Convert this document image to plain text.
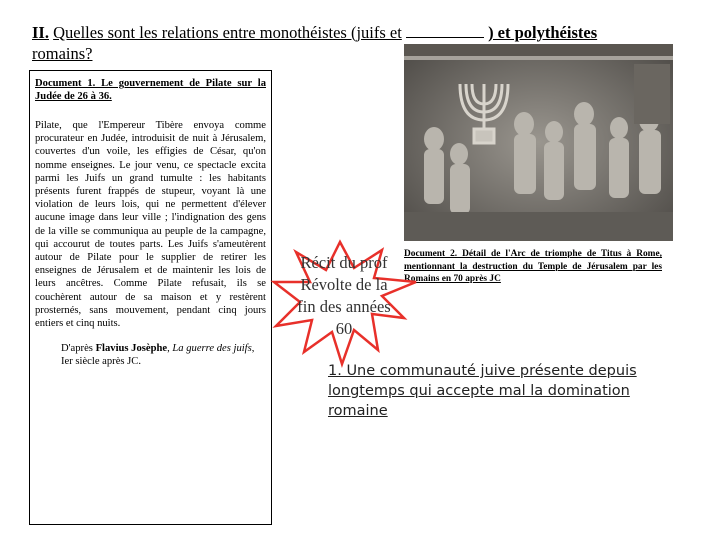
II. Quelles sont les relations entre monothéistes (juifs et	) et polythéistes
romains?
Document 1. Le gouvernement de Pilate sur la Judée de 26 à 36.
Pilate, que l'Empereur Tibère envoya comme procurateur en Judée, introduisit de nuit à Jérusalem, couvertes d'un voile, les effigies de César, qu'on nomme enseignes. Le jour venu, ce spectacle excita parmi les Juifs un grand tumulte : les habitants présents furent frappés de stupeur, voyant là une violation de leurs lois, qui ne permettent d'élever aucune image dans leur ville ; l'indignation des gens de la ville se communiqua au peuple de la campagne, qui accourut de toutes parts. Les Juifs s'ameutèrent autour de Pilate pour le supplier de retirer les enseignes de Jérusalem et de maintenir les lois de leurs ancêtres. Comme Pilate refusait, ils se couchèrent autour de sa maison et y restèrent prosternés, sans mouvement, pendant cinq jours entiers et cinq nuits.
D'après Flavius Josèphe, La guerre des juifs, Ier siècle après JC.
Document 2. Détail de l'Arc de triomphe de Titus à Rome, mentionnant la destruction du Temple de Jérusalem par les Romains en 70 après JC
Récit du prof Révolte de la fin des années 60
1. Une communauté juive présente depuis longtemps qui accepte mal la domination romaine
